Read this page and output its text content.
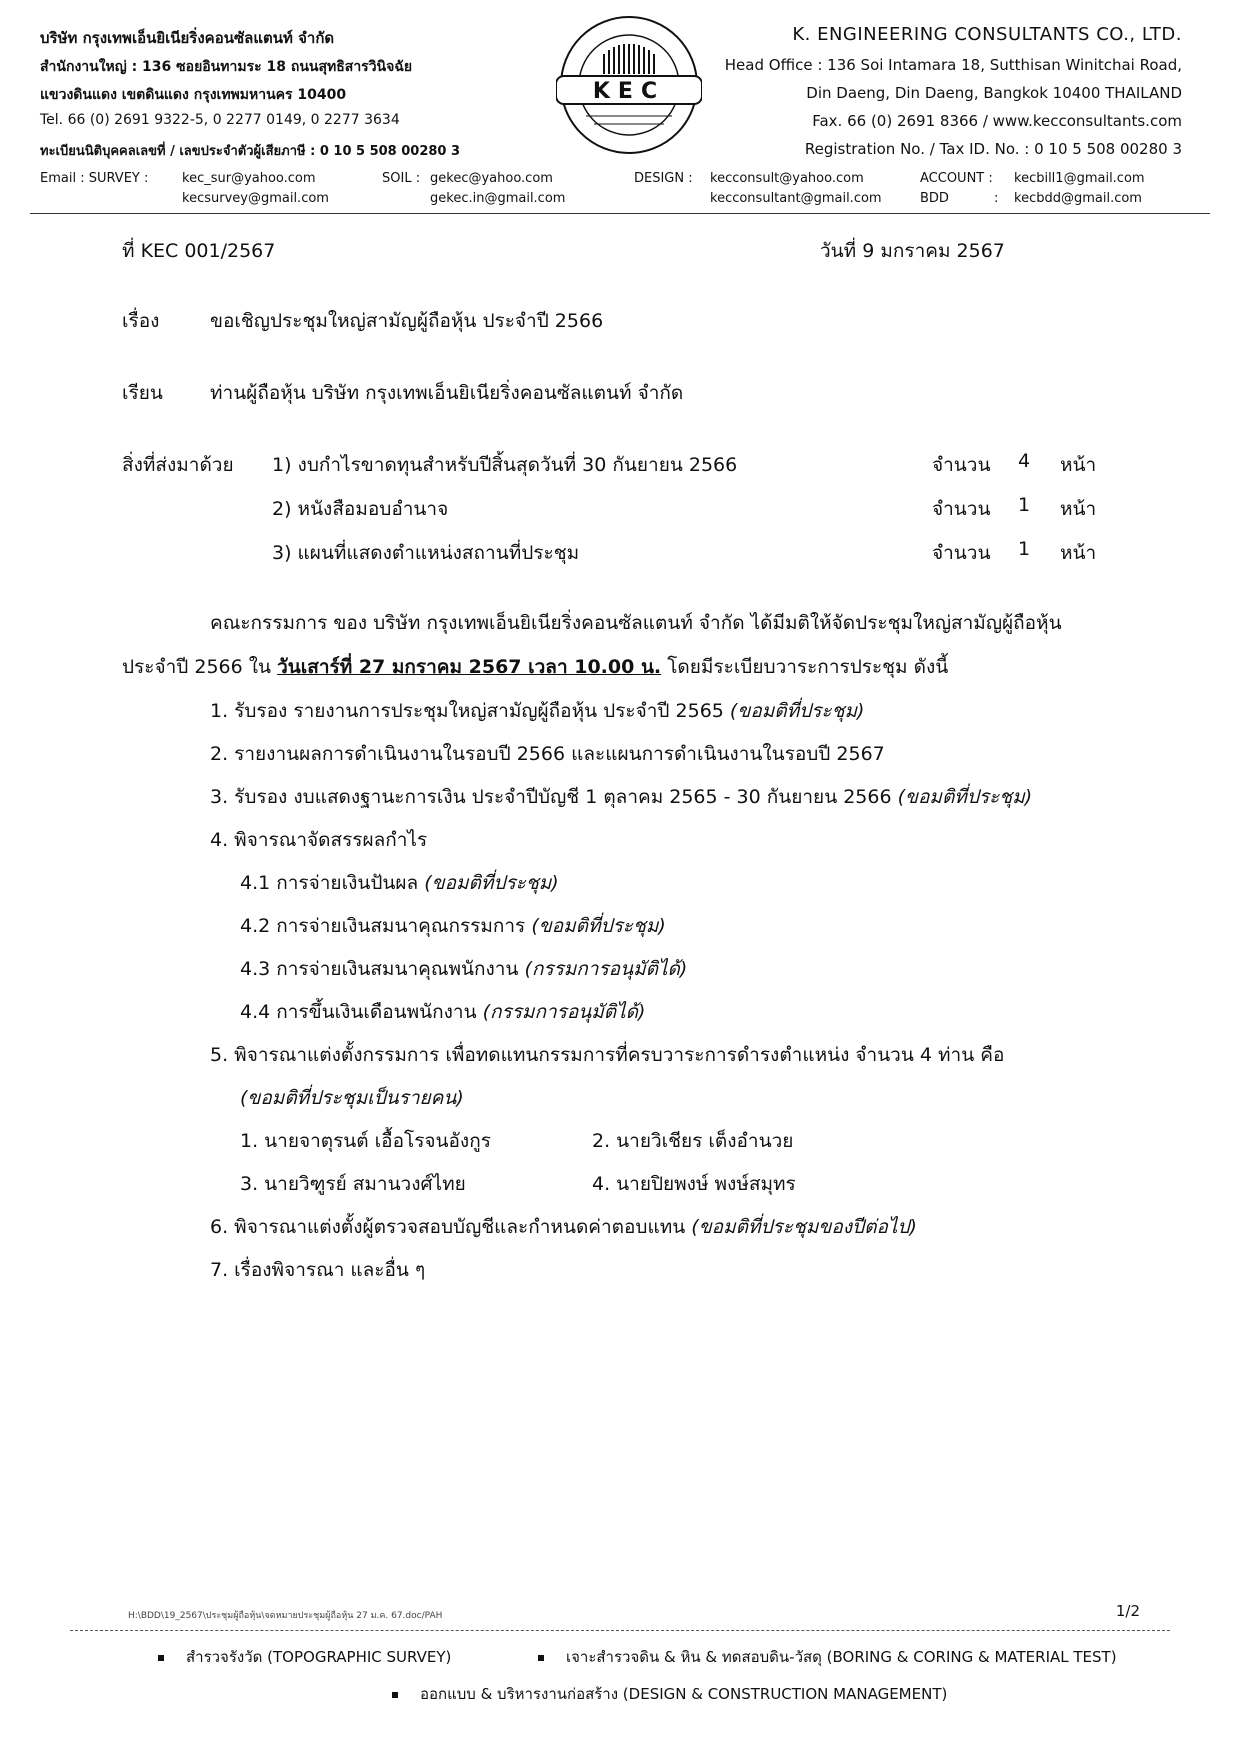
บริษัท กรุงเทพเอ็นยิเนียริ่งคอนซัลแตนท์ จำกัด
สำนักงานใหญ่ : 136 ซอยอินทามระ 18 ถนนสุทธิสารวินิจฉัย
แขวงดินแดง เขตดินแดง กรุงเทพมหานคร 10400
Tel. 66 (0) 2691 9322-5, 0 2277 0149, 0 2277 3634
ทะเบียนนิติบุคคลเลขที่ / เลขประจำตัวผู้เสียภาษี : 0 10 5 508 00280 3
KEC
K. ENGINEERING CONSULTANTS CO., LTD.
Head Office : 136 Soi Intamara 18, Sutthisan Winitchai Road,
Din Daeng, Din Daeng, Bangkok 10400 THAILAND
Fax. 66 (0) 2691 8366 / www.kecconsultants.com
Registration No. / Tax ID. No. : 0 10 5 508 00280 3
Email : SURVEY :	kec_sur@yahoo.com
kecsurvey@gmail.com
SOIL : gekec@yahoo.com
gekec.in@gmail.com
DESIGN : kecconsult@yahoo.com
kecconsultant@gmail.com
ACCOUNT : kecbill1@gmail.com
BDD	: kecbdd@gmail.com
ที่ KEC 001/2567	วันที่ 9 มกราคม 2567
เรื่อง	ขอเชิญประชุมใหญ่สามัญผู้ถือหุ้น ประจำปี 2566
เรียน ท่านผู้ถือหุ้น บริษัท กรุงเทพเอ็นยิเนียริ่งคอนซัลแตนท์ จำกัด
สิ่งที่ส่งมาด้วย 1) งบกำไรขาดทุนสำหรับปีสิ้นสุดวันที่ 30 กันยายน 2566	จำนวน 4 หน้า
2) หนังสือมอบอำนาจ	จำนวน 1 หน้า
3) แผนที่แสดงตำแหน่งสถานที่ประชุม	จำนวน 1 หน้า
คณะกรรมการ ของ บริษัท กรุงเทพเอ็นยิเนียริ่งคอนซัลแตนท์ จำกัด ได้มีมติให้จัดประชุมใหญ่สามัญผู้ถือหุ้น
ประจำปี 2566 ใน วันเสาร์ที่ 27 มกราคม 2567 เวลา 10.00 น. โดยมีระเบียบวาระการประชุม ดังนี้
1. รับรอง รายงานการประชุมใหญ่สามัญผู้ถือหุ้น ประจำปี 2565 (ขอมติที่ประชุม)
2. รายงานผลการดำเนินงานในรอบปี 2566 และแผนการดำเนินงานในรอบปี 2567
3. รับรอง งบแสดงฐานะการเงิน ประจำปีบัญชี 1 ตุลาคม 2565 - 30 กันยายน 2566 (ขอมติที่ประชุม)
4. พิจารณาจัดสรรผลกำไร
4.1 การจ่ายเงินปันผล (ขอมติที่ประชุม)
4.2 การจ่ายเงินสมนาคุณกรรมการ (ขอมติที่ประชุม)
4.3 การจ่ายเงินสมนาคุณพนักงาน (กรรมการอนุมัติได้)
4.4 การขึ้นเงินเดือนพนักงาน (กรรมการอนุมัติได้)
5. พิจารณาแต่งตั้งกรรมการ เพื่อทดแทนกรรมการที่ครบวาระการดำรงตำแหน่ง จำนวน 4 ท่าน คือ
(ขอมติที่ประชุมเป็นรายคน)
1. นายจาตุรนต์ เอื้อโรจนอังกูร	2. นายวิเชียร เต็งอำนวย
3. นายวิฑูรย์ สมานวงศ์ไทย	4. นายปิยพงษ์ พงษ์สมุทร
6. พิจารณาแต่งตั้งผู้ตรวจสอบบัญชีและกำหนดค่าตอบแทน (ขอมติที่ประชุมของปีต่อไป)
7. เรื่องพิจารณา และอื่น ๆ
H:\BDD\19_2567\ประชุมผู้ถือหุ้น\จดหมายประชุมผู้ถือหุ้น 27 ม.ค. 67.doc/PAH	1/2
สำรวจรังวัด (TOPOGRAPHIC SURVEY)	เจาะสำรวจดิน & หิน & ทดสอบดิน-วัสดุ (BORING & CORING & MATERIAL TEST)
ออกแบบ & บริหารงานก่อสร้าง (DESIGN & CONSTRUCTION MANAGEMENT)
